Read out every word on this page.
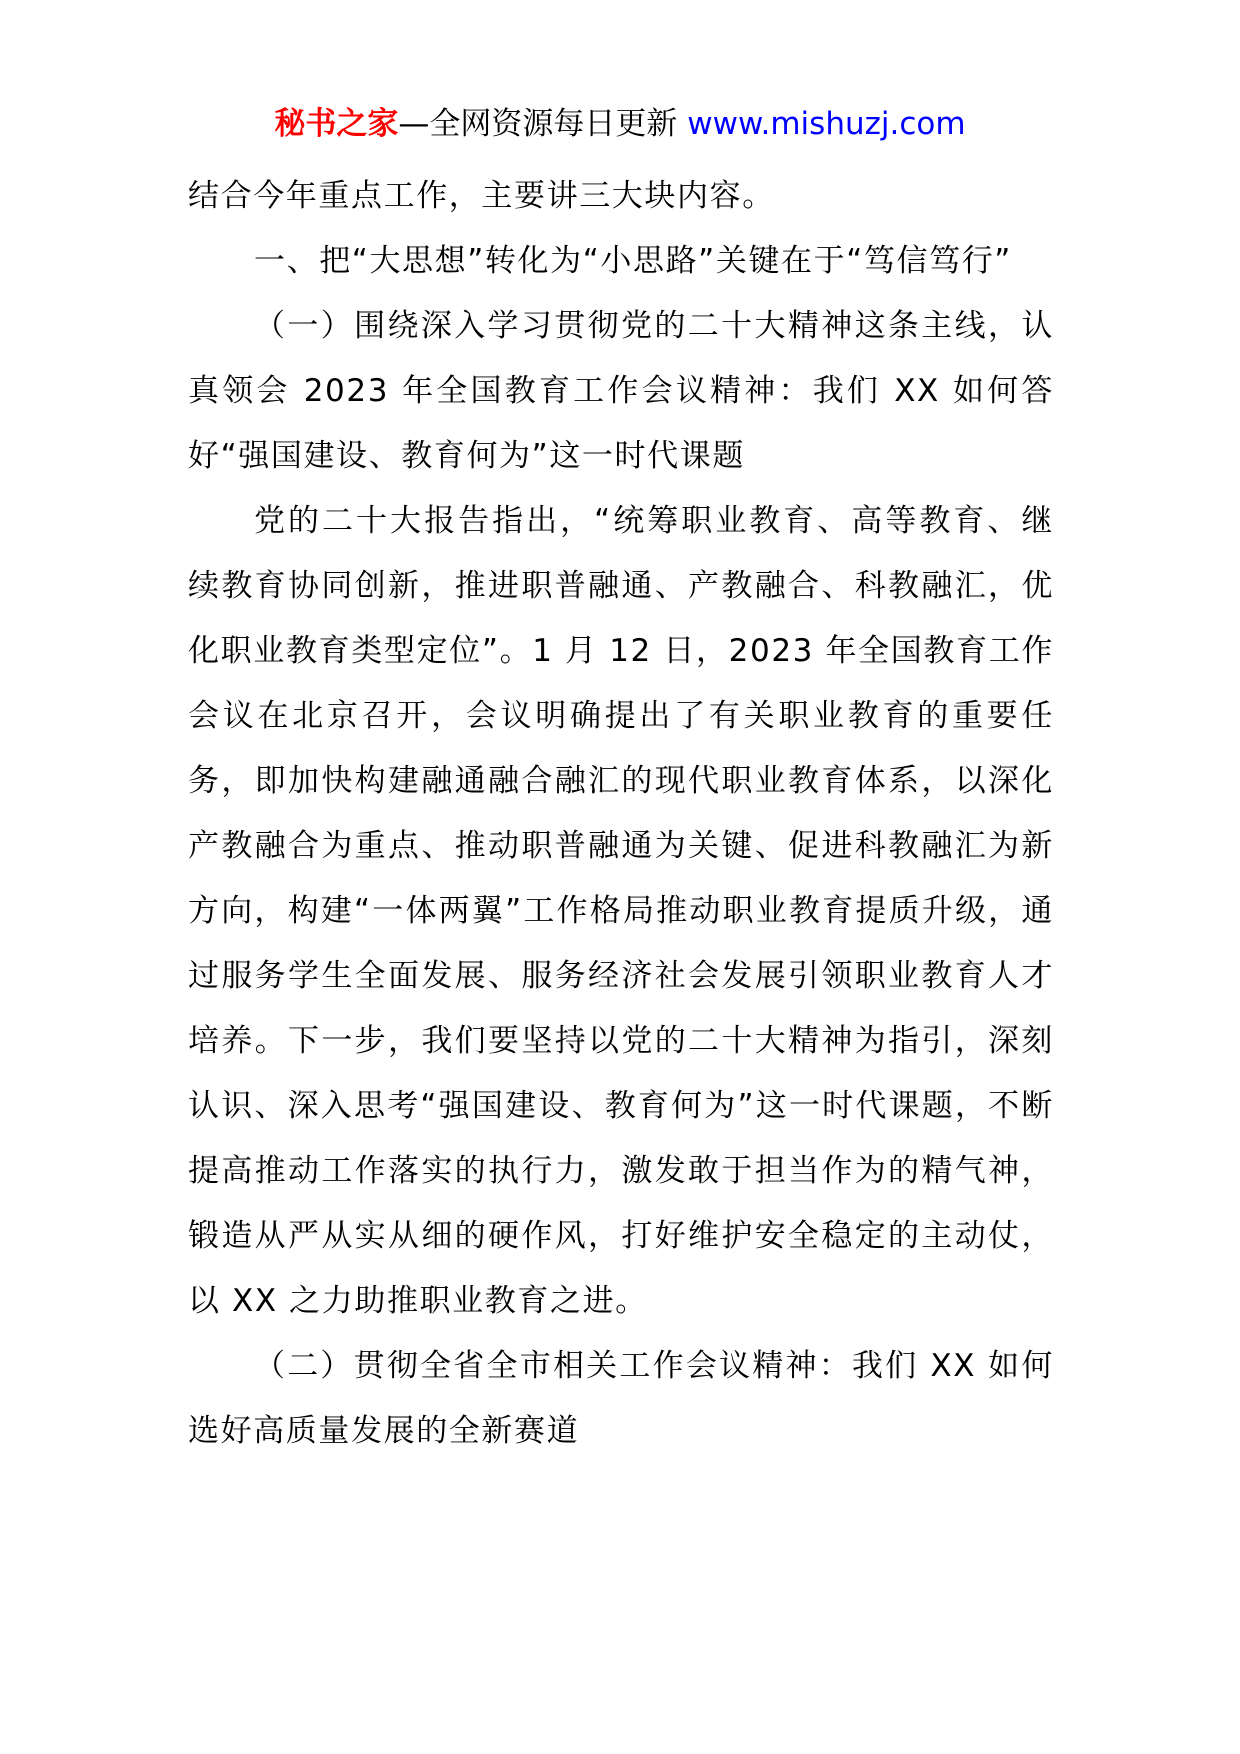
秘书之家—全网资源每日更新 www.mishuzj.com

结合今年重点工作，主要讲三大块内容。

一、把“大思想”转化为“小思路”关键在于“笃信笃行”

（一）围绕深入学习贯彻党的二十大精神这条主线，认真领会 2023 年全国教育工作会议精神：我们 XX 如何答好“强国建设、教育何为”这一时代课题

党的二十大报告指出，“统筹职业教育、高等教育、继续教育协同创新，推进职普融通、产教融合、科教融汇，优化职业教育类型定位”。1 月 12 日，2023 年全国教育工作会议在北京召开，会议明确提出了有关职业教育的重要任务，即加快构建融通融合融汇的现代职业教育体系，以深化产教融合为重点、推动职普融通为关键、促进科教融汇为新方向，构建“一体两翼”工作格局推动职业教育提质升级，通过服务学生全面发展、服务经济社会发展引领职业教育人才培养。下一步，我们要坚持以党的二十大精神为指引，深刻认识、深入思考“强国建设、教育何为”这一时代课题，不断提高推动工作落实的执行力，激发敢于担当作为的精气神，锻造从严从实从细的硬作风，打好维护安全稳定的主动仗，以 XX 之力助推职业教育之进。

（二）贯彻全省全市相关工作会议精神：我们 XX 如何选好高质量发展的全新赛道
